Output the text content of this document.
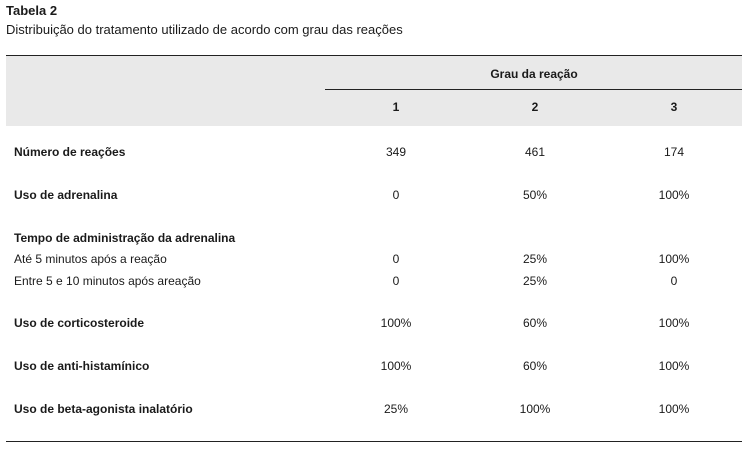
Tabela 2
Distribuição do tratamento utilizado de acordo com grau das reações
Grau da reação
1	2	3
Número de reações	349	461	174
Uso de adrenalina	0	50%	100%
Tempo de administração da adrenalina
Até 5 minutos após a reação	0	25%	100%
Entre 5 e 10 minutos após areação	0	25%	0
Uso de corticosteroide	100%	60%	100%
Uso de anti-histamínico	100%	60%	100%
Uso de beta-agonista inalatório	25%	100%	100%
